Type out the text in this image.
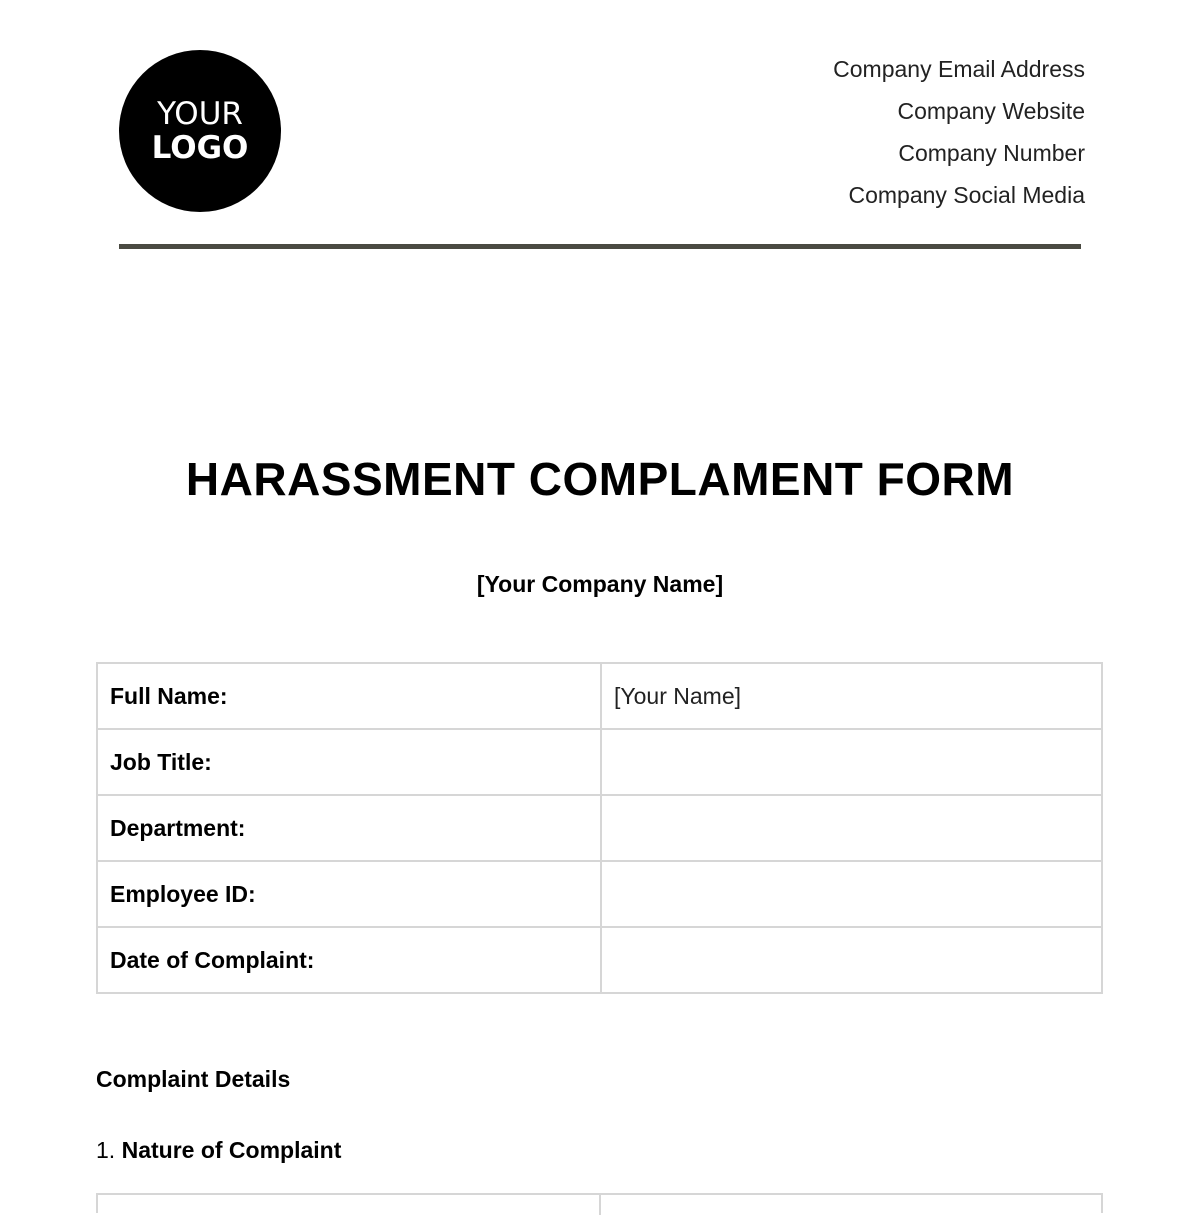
YOUR
LOGO
Company Email Address
Company Website
Company Number
Company Social Media
HARASSMENT COMPLAMENT FORM
[Your Company Name]
Full Name:	[Your Name]
Job Title:	
Department:	
Employee ID:	
Date of Complaint:	
Complaint Details
1. Nature of Complaint
